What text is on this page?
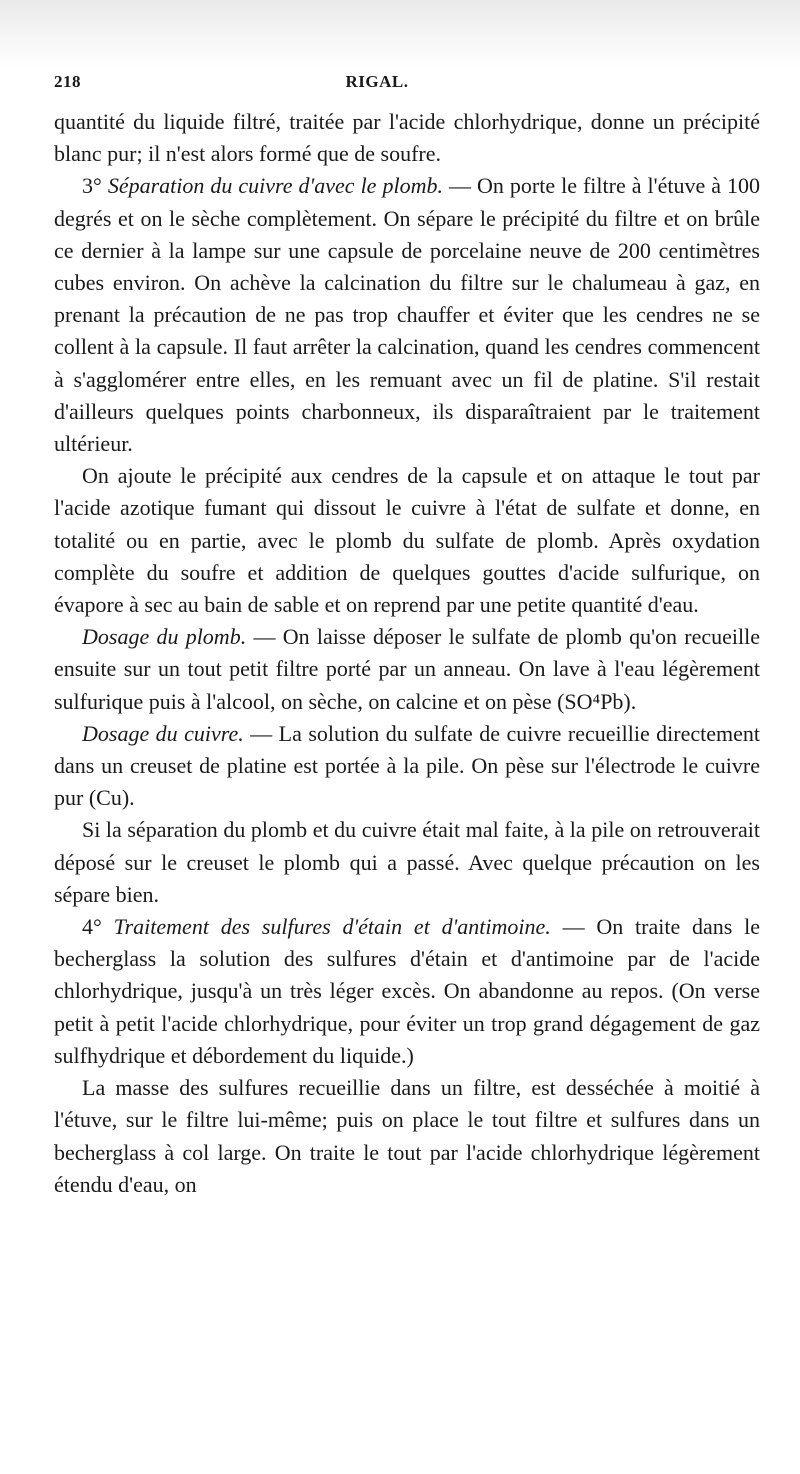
218	RIGAL.

quantité du liquide filtré, traitée par l'acide chlorhydrique, donne un précipité blanc pur; il n'est alors formé que de soufre.

3° Séparation du cuivre d'avec le plomb. — On porte le filtre à l'étuve à 100 degrés et on le sèche complètement. On sépare le précipité du filtre et on brûle ce dernier à la lampe sur une capsule de porcelaine neuve de 200 centimètres cubes environ. On achève la calcination du filtre sur le chalumeau à gaz, en prenant la précaution de ne pas trop chauffer et éviter que les cendres ne se collent à la capsule. Il faut arrêter la calcination, quand les cendres commencent à s'agglomérer entre elles, en les remuant avec un fil de platine. S'il restait d'ailleurs quelques points charbonneux, ils disparaîtraient par le traitement ultérieur.

On ajoute le précipité aux cendres de la capsule et on attaque le tout par l'acide azotique fumant qui dissout le cuivre à l'état de sulfate et donne, en totalité ou en partie, avec le plomb du sulfate de plomb. Après oxydation complète du soufre et addition de quelques gouttes d'acide sulfurique, on évapore à sec au bain de sable et on reprend par une petite quantité d'eau.

Dosage du plomb. — On laisse déposer le sulfate de plomb qu'on recueille ensuite sur un tout petit filtre porté par un anneau. On lave à l'eau légèrement sulfurique puis à l'alcool, on sèche, on calcine et on pèse (SO⁴Pb).

Dosage du cuivre. — La solution du sulfate de cuivre recueillie directement dans un creuset de platine est portée à la pile. On pèse sur l'électrode le cuivre pur (Cu).

Si la séparation du plomb et du cuivre était mal faite, à la pile on retrouverait déposé sur le creuset le plomb qui a passé. Avec quelque précaution on les sépare bien.

4° Traitement des sulfures d'étain et d'antimoine. — On traite dans le becherglass la solution des sulfures d'étain et d'antimoine par de l'acide chlorhydrique, jusqu'à un très léger excès. On abandonne au repos. (On verse petit à petit l'acide chlorhydrique, pour éviter un trop grand dégagement de gaz sulfhydrique et débordement du liquide.)

La masse des sulfures recueillie dans un filtre, est desséchée à moitié à l'étuve, sur le filtre lui-même; puis on place le tout filtre et sulfures dans un becherglass à col large. On traite le tout par l'acide chlorhydrique légèrement étendu d'eau, on
